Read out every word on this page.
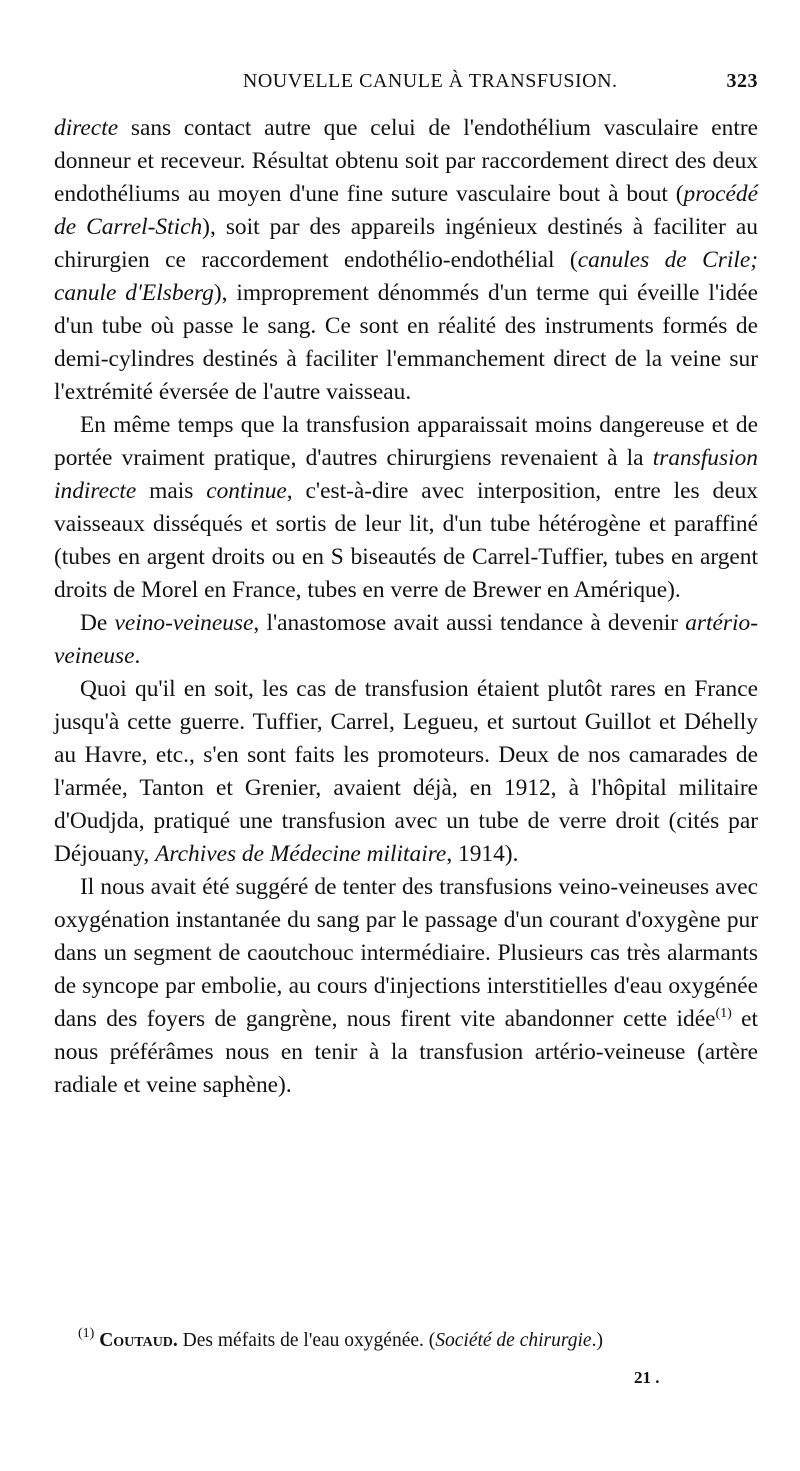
NOUVELLE CANULE À TRANSFUSION.	323

directe sans contact autre que celui de l'endothélium vasculaire entre donneur et receveur. Résultat obtenu soit par raccordement direct des deux endothéliums au moyen d'une fine suture vasculaire bout à bout (procédé de Carrel-Stich), soit par des appareils ingénieux destinés à faciliter au chirurgien ce raccordement endothélio-endothélial (canules de Crile; canule d'Elsberg), improprement dénommés d'un terme qui éveille l'idée d'un tube où passe le sang. Ce sont en réalité des instruments formés de demi-cylindres destinés à faciliter l'emmanchement direct de la veine sur l'extrémité éversée de l'autre vaisseau.

En même temps que la transfusion apparaissait moins dangereuse et de portée vraiment pratique, d'autres chirurgiens revenaient à la transfusion indirecte mais continue, c'est-à-dire avec interposition, entre les deux vaisseaux disséqués et sortis de leur lit, d'un tube hétérogène et paraffiné (tubes en argent droits ou en S biseautés de Carrel-Tuffier, tubes en argent droits de Morel en France, tubes en verre de Brewer en Amérique).

De veino-veineuse, l'anastomose avait aussi tendance à devenir artério-veineuse.

Quoi qu'il en soit, les cas de transfusion étaient plutôt rares en France jusqu'à cette guerre. Tuffier, Carrel, Legueu, et surtout Guillot et Déhelly au Havre, etc., s'en sont faits les promoteurs. Deux de nos camarades de l'armée, Tanton et Grenier, avaient déjà, en 1912, à l'hôpital militaire d'Oudjda, pratiqué une transfusion avec un tube de verre droit (cités par Déjouany, Archives de Médecine militaire, 1914).

Il nous avait été suggéré de tenter des transfusions veino-veineuses avec oxygénation instantanée du sang par le passage d'un courant d'oxygène pur dans un segment de caoutchouc intermédiaire. Plusieurs cas très alarmants de syncope par embolie, au cours d'injections interstitielles d'eau oxygénée dans des foyers de gangrène, nous firent vite abandonner cette idée$^{(1)}$ et nous préférâmes nous en tenir à la transfusion artério-veineuse (artère radiale et veine saphène).

$^{(1)}$ Coutaud. Des méfaits de l'eau oxygénée. (Société de chirurgie.)
21 .
